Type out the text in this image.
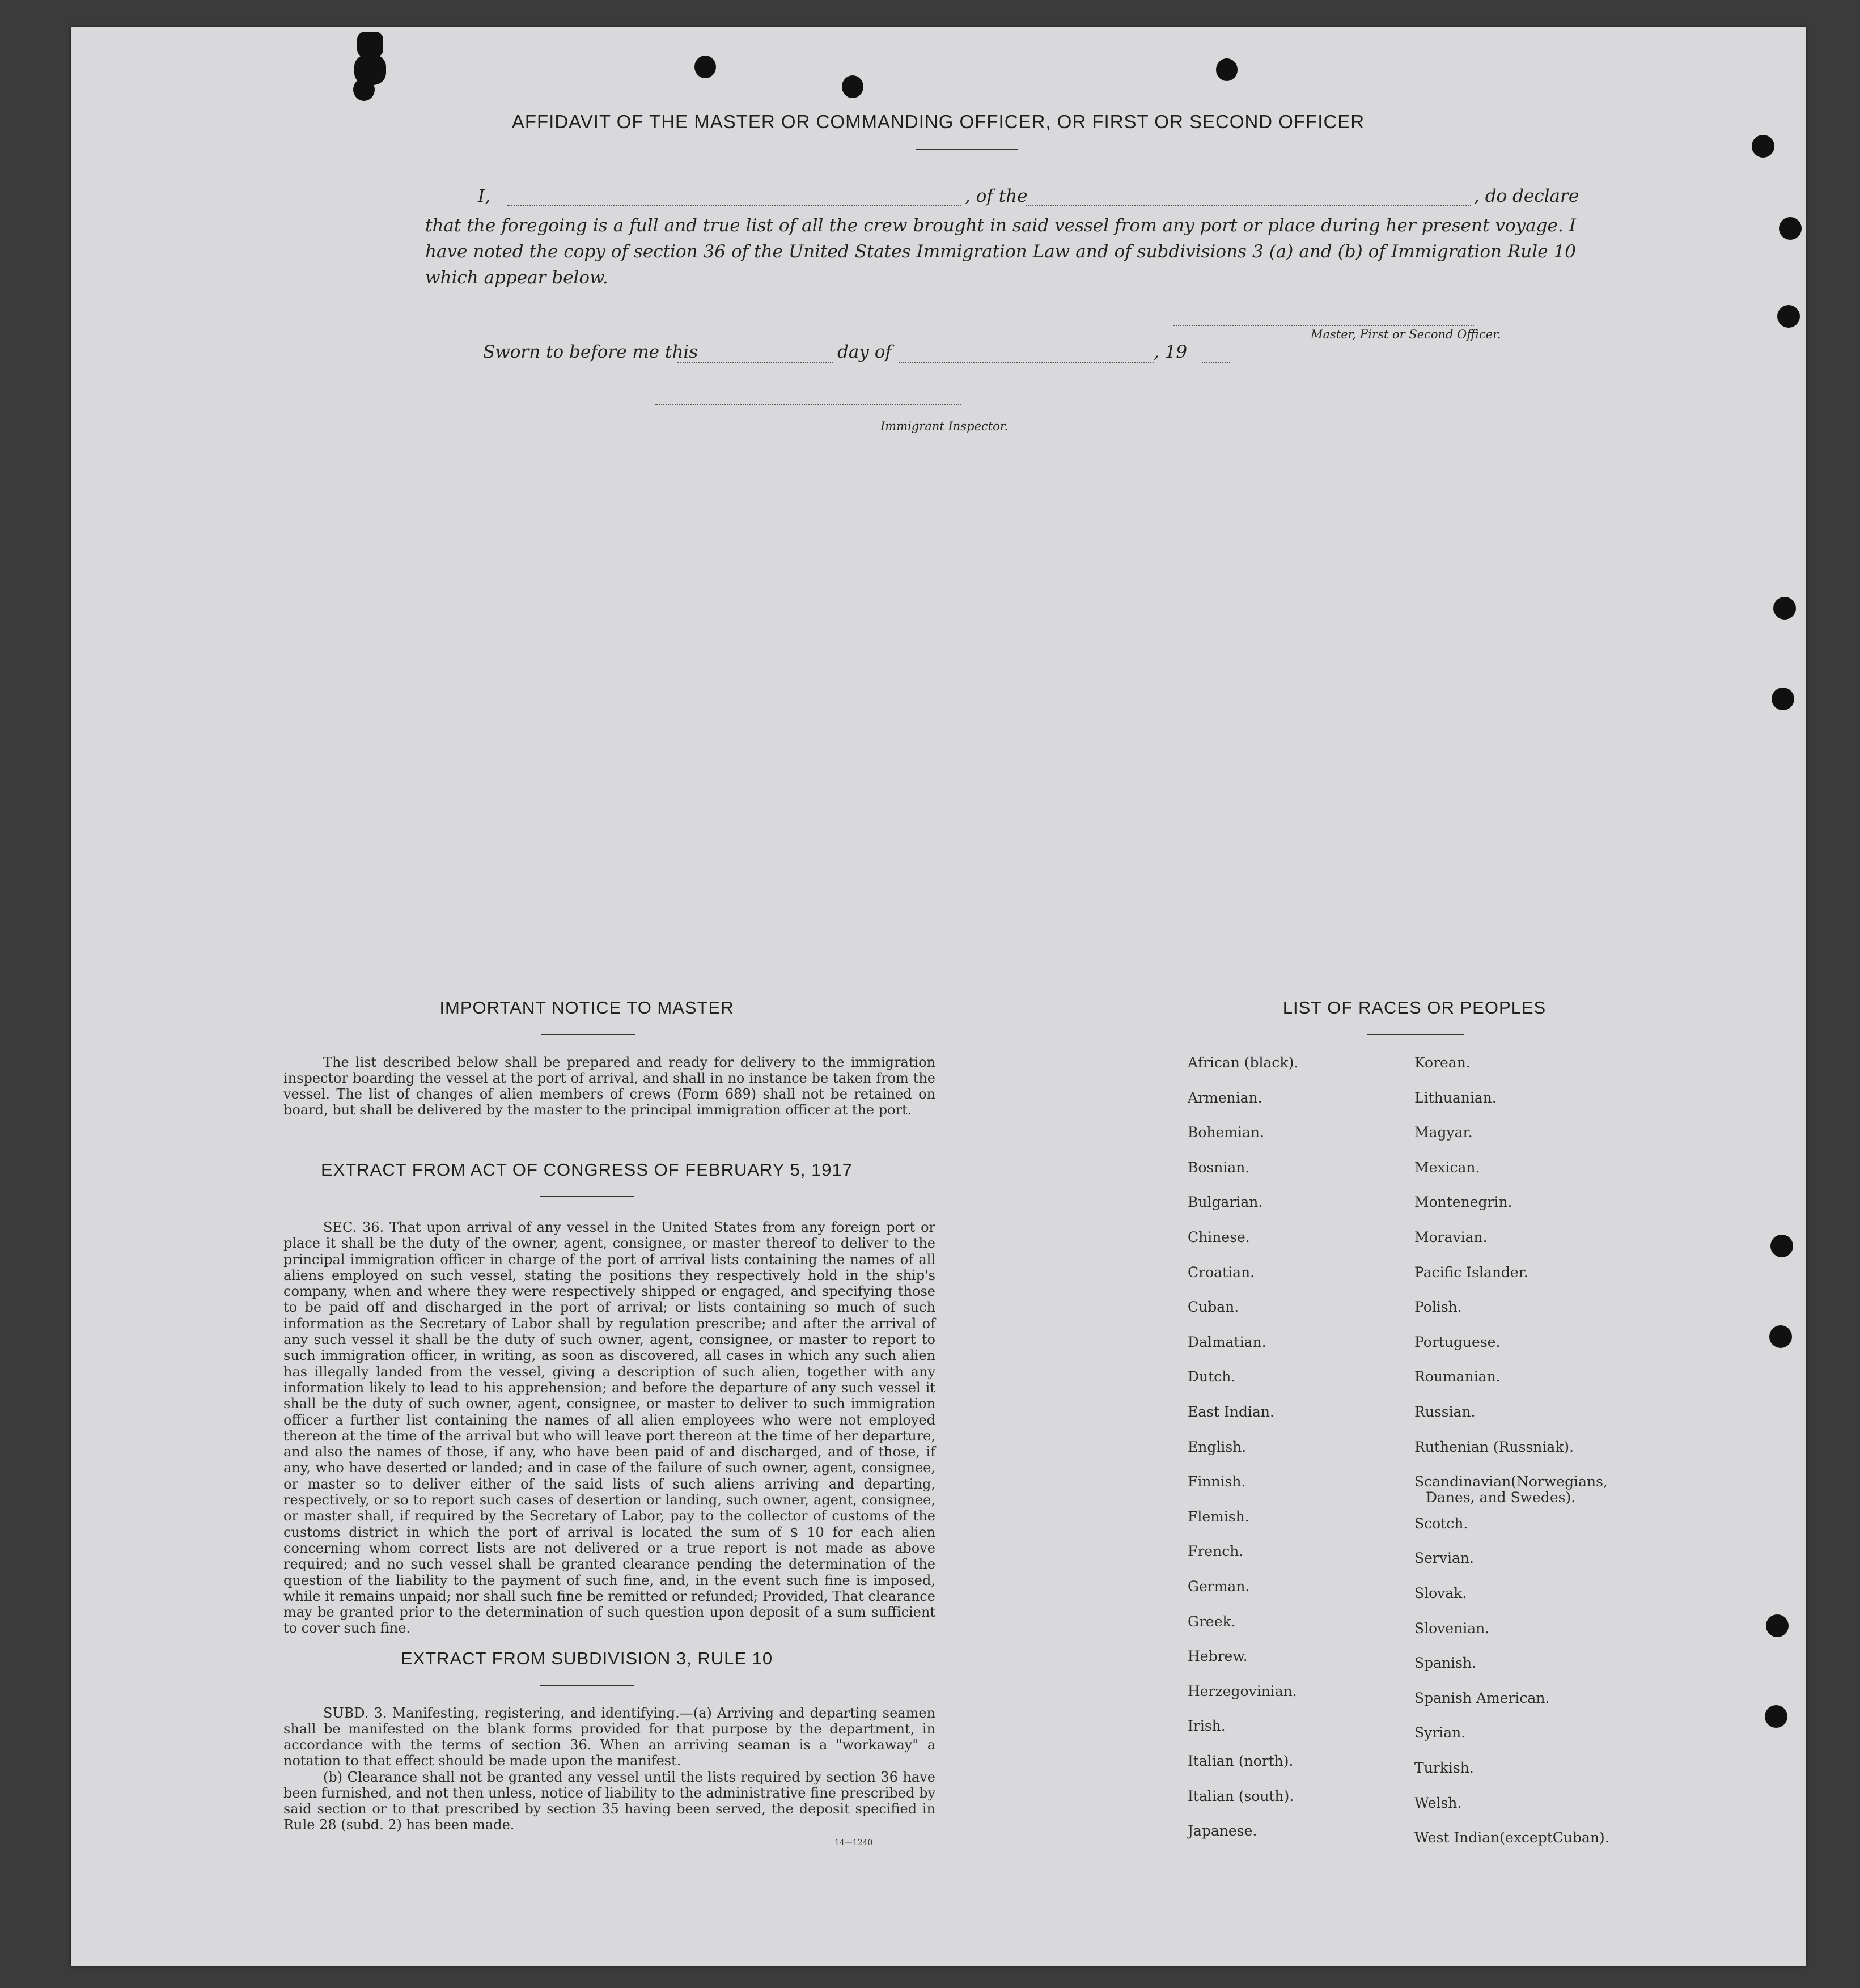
AFFIDAVIT OF THE MASTER OR COMMANDING OFFICER, OR FIRST OR SECOND OFFICER
I,	, of the	, do declare
that the foregoing is a full and true list of all the crew brought in said vessel from any port or place during her present voyage. I have noted the copy of section 36 of the United States Immigration Law and of subdivisions 3 (a) and (b) of Immigration Rule 10 which appear below.
Master, First or Second Officer.
Sworn to before me this	day of	, 19
Immigrant Inspector.
IMPORTANT NOTICE TO MASTER
The list described below shall be prepared and ready for delivery to the immigration inspector boarding the vessel at the port of arrival, and shall in no instance be taken from the vessel. The list of changes of alien members of crews (Form 689) shall not be retained on board, but shall be delivered by the master to the principal immigration officer at the port.
EXTRACT FROM ACT OF CONGRESS OF FEBRUARY 5, 1917
SEC. 36. That upon arrival of any vessel in the United States from any foreign port or place it shall be the duty of the owner, agent, consignee, or master thereof to deliver to the principal immigration officer in charge of the port of arrival lists containing the names of all aliens employed on such vessel, stating the positions they respectively hold in the ship's company, when and where they were respectively shipped or engaged, and specifying those to be paid off and discharged in the port of arrival; or lists containing so much of such information as the Secretary of Labor shall by regulation prescribe; and after the arrival of any such vessel it shall be the duty of such owner, agent, consignee, or master to report to such immigration officer, in writing, as soon as discovered, all cases in which any such alien has illegally landed from the vessel, giving a description of such alien, together with any information likely to lead to his apprehension; and before the departure of any such vessel it shall be the duty of such owner, agent, consignee, or master to deliver to such immigration officer a further list containing the names of all alien employees who were not employed thereon at the time of the arrival but who will leave port thereon at the time of her departure, and also the names of those, if any, who have been paid of and discharged, and of those, if any, who have deserted or landed; and in case of the failure of such owner, agent, consignee, or master so to deliver either of the said lists of such aliens arriving and departing, respectively, or so to report such cases of desertion or landing, such owner, agent, consignee, or master shall, if required by the Secretary of Labor, pay to the collector of customs of the customs district in which the port of arrival is located the sum of $ 10 for each alien concerning whom correct lists are not delivered or a true report is not made as above required; and no such vessel shall be granted clearance pending the determination of the question of the liability to the payment of such fine, and, in the event such fine is imposed, while it remains unpaid; nor shall such fine be remitted or refunded; Provided, That clearance may be granted prior to the determination of such question upon deposit of a sum sufficient to cover such fine.
EXTRACT FROM SUBDIVISION 3, RULE 10
SUBD. 3. Manifesting, registering, and identifying.—(a) Arriving and departing seamen shall be manifested on the blank forms provided for that purpose by the department, in accordance with the terms of section 36. When an arriving seaman is a "workaway" a notation to that effect should be made upon the manifest.
(b) Clearance shall not be granted any vessel until the lists required by section 36 have been furnished, and not then unless, notice of liability to the administrative fine prescribed by said section or to that prescribed by section 35 having been served, the deposit specified in Rule 28 (subd. 2) has been made.
14—1240
LIST OF RACES OR PEOPLES
African (black).
Armenian.
Bohemian.
Bosnian.
Bulgarian.
Chinese.
Croatian.
Cuban.
Dalmatian.
Dutch.
East Indian.
English.
Finnish.
Flemish.
French.
German.
Greek.
Hebrew.
Herzegovinian.
Irish.
Italian (north).
Italian (south).
Japanese.
Korean.
Lithuanian.
Magyar.
Mexican.
Montenegrin.
Moravian.
Pacific Islander.
Polish.
Portuguese.
Roumanian.
Russian.
Ruthenian (Russniak).
Scandinavian(Norwegians,
Danes, and Swedes).
Scotch.
Servian.
Slovak.
Slovenian.
Spanish.
Spanish American.
Syrian.
Turkish.
Welsh.
West Indian(exceptCuban).
